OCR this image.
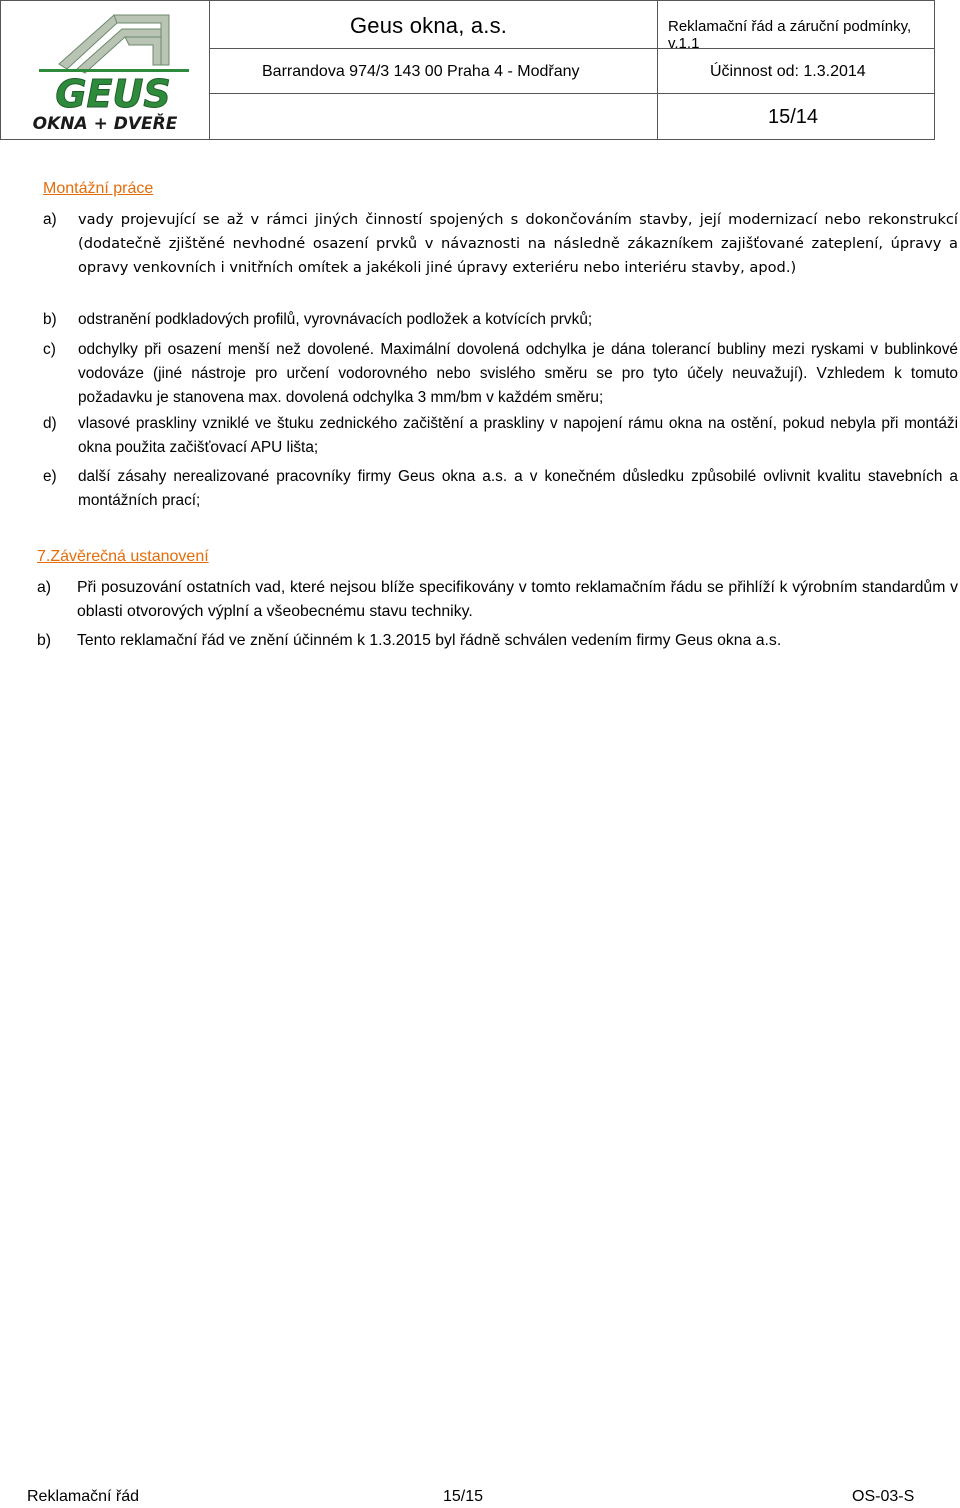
GEUS
OKNA + DVEŘE
Geus okna, a.s.	Reklamační řád a záruční podmínky, v.1.1
Barrandova 974/3 143 00 Praha 4 - Modřany	Účinnost od: 1.3.2014
15/14
Montážní práce
a)	vady projevující se až v rámci jiných činností spojených s dokončováním stavby, její modernizací nebo rekonstrukcí (dodatečně zjištěné nevhodné osazení prvků v návaznosti na následně zákazníkem zajišťované zateplení, úpravy a opravy venkovních i vnitřních omítek a jakékoli jiné úpravy exteriéru nebo interiéru stavby, apod.)
b)	odstranění podkladových profilů, vyrovnávacích podložek a kotvících prvků;
c)	odchylky při osazení menší než dovolené. Maximální dovolená odchylka je dána tolerancí bubliny mezi ryskami v bublinkové vodováze (jiné nástroje pro určení vodorovného nebo svislého směru se pro tyto účely neuvažují). Vzhledem k tomuto požadavku je stanovena max. dovolená odchylka 3 mm/bm v každém směru;
d)	vlasové praskliny vzniklé ve štuku zednického začištění a praskliny v napojení rámu okna na ostění, pokud nebyla při montáži okna použita začišťovací APU lišta;
e)	další zásahy nerealizované pracovníky firmy Geus okna a.s. a v konečném důsledku způsobilé ovlivnit kvalitu stavebních a montážních prací;
7.Závěrečná ustanovení
a) Při posuzování ostatních vad, které nejsou blíže specifikovány v tomto reklamačním řádu se přihlíží k výrobním standardům v oblasti otvorových výplní a všeobecnému stavu techniky.
b) Tento reklamační řád ve znění účinném k 1.3.2015 byl řádně schválen vedením firmy Geus okna a.s.
Reklamační řád	15/15	OS-03-S
